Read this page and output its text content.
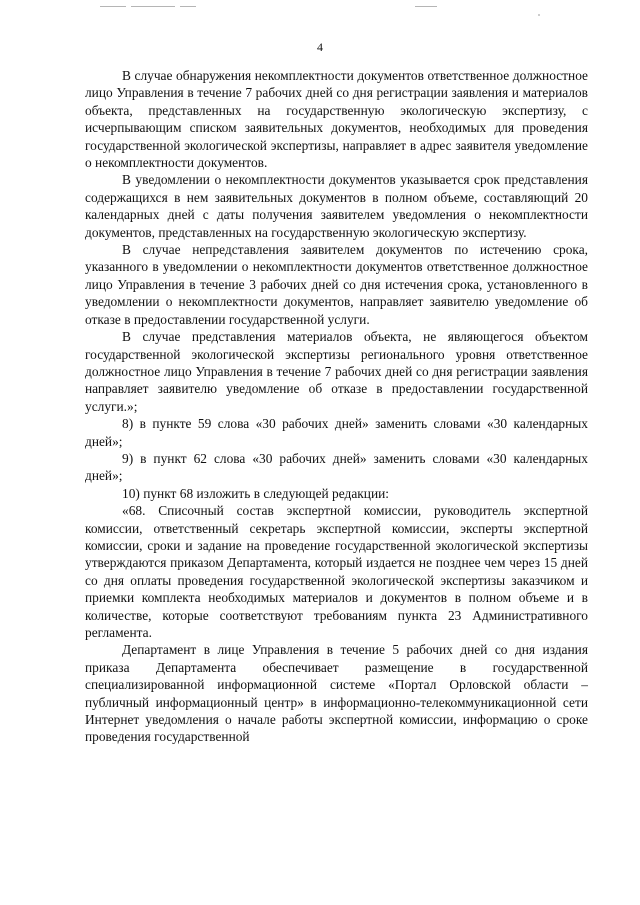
4

В случае обнаружения некомплектности документов ответственное должностное лицо Управления в течение 7 рабочих дней со дня регистрации заявления и материалов объекта, представленных на государственную экологическую экспертизу, с исчерпывающим списком заявительных документов, необходимых для проведения государственной экологической экспертизы, направляет в адрес заявителя уведомление о некомплектности документов.

В уведомлении о некомплектности документов указывается срок представления содержащихся в нем заявительных документов в полном объеме, составляющий 20 календарных дней с даты получения заявителем уведомления о некомплектности документов, представленных на государственную экологическую экспертизу.

В случае непредставления заявителем документов по истечению срока, указанного в уведомлении о некомплектности документов ответственное должностное лицо Управления в течение 3 рабочих дней со дня истечения срока, установленного в уведомлении о некомплектности документов, направляет заявителю уведомление об отказе в предоставлении государственной услуги.

В случае представления материалов объекта, не являющегося объектом государственной экологической экспертизы регионального уровня ответственное должностное лицо Управления в течение 7 рабочих дней со дня регистрации заявления направляет заявителю уведомление об отказе в предоставлении государственной услуги.»;

8) в пункте 59 слова «30 рабочих дней» заменить словами «30 календарных дней»;

9) в пункт 62 слова «30 рабочих дней» заменить словами «30 календарных дней»;

10) пункт 68 изложить в следующей редакции:

«68. Списочный состав экспертной комиссии, руководитель экспертной комиссии, ответственный секретарь экспертной комиссии, эксперты экспертной комиссии, сроки и задание на проведение государственной экологической экспертизы утверждаются приказом Департамента, который издается не позднее чем через 15 дней со дня оплаты проведения государственной экологической экспертизы заказчиком и приемки комплекта необходимых материалов и документов в полном объеме и в количестве, которые соответствуют требованиям пункта 23 Административного регламента.

Департамент в лице Управления в течение 5 рабочих дней со дня издания приказа Департамента обеспечивает размещение в государственной специализированной информационной системе «Портал Орловской области – публичный информационный центр» в информационно-телекоммуникационной сети Интернет уведомления о начале работы экспертной комиссии, информацию о сроке проведения государственной
